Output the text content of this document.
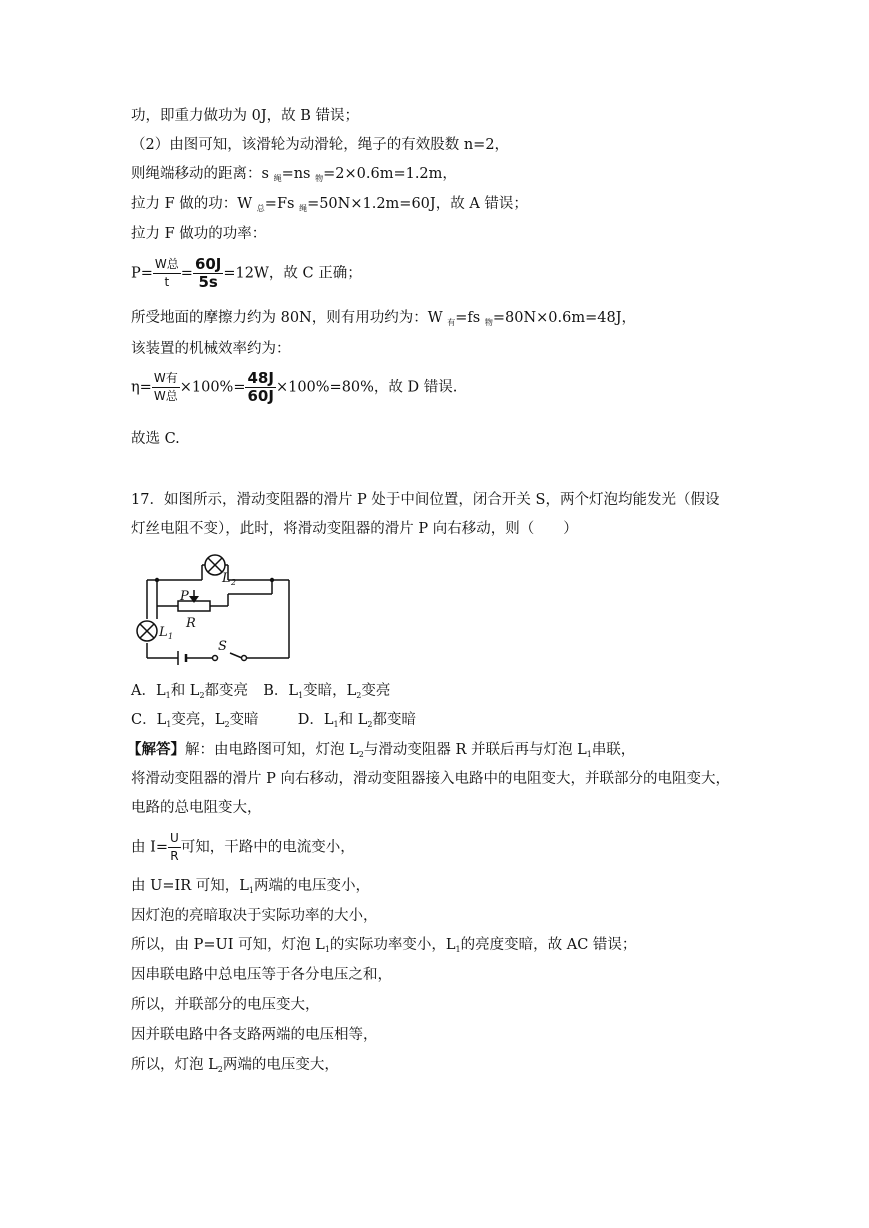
功，即重力做功为 0J，故 B 错误；
（2）由图可知，该滑轮为动滑轮，绳子的有效股数 n=2，
则绳端移动的距离：s $_绳$=ns $_物$=2×0.6m=1.2m，
拉力 F 做的功：W $_总$=Fs $_绳$=50N×1.2m=60J，故 A 错误；
拉力 F 做功的功率：
$P= \frac{\text{W总}}{t} = \frac{60J}{5s} =12W$，故 C 正确；
所受地面的摩擦力约为 80N，则有用功约为：W $_有$=fs $_物$=80N×0.6m=48J，
该装置的机械效率约为：
$\eta= \frac{\text{W有}}{\text{W总}} \times 100\%= \frac{48J}{60J} \times 100\%=80\%$，故 D 错误.
故选 C.
17．如图所示，滑动变阻器的滑片 P 处于中间位置，闭合开关 S，两个灯泡均能发光（假设
灯丝电阻不变），此时，将滑动变阻器的滑片 P 向右移动，则（　　）
L 2
L 1
P
R
S
A．$L_1$和 $L_2$都变亮 B．$L_1$变暗，$L_2$变亮
C．$L_1$变亮，$L_2$变暗	D．$L_1$和 $L_2$都变暗
【解答】解：由电路图可知，灯泡 $L_2$与滑动变阻器 R 并联后再与灯泡 $L_1$串联，
将滑动变阻器的滑片 P 向右移动，滑动变阻器接入电路中的电阻变大，并联部分的电阻变大，
电路的总电阻变大，
由 $I= \frac{U}{R}$ 可知，干路中的电流变小，
由 U=IR 可知，$L_1$两端的电压变小，
因灯泡的亮暗取决于实际功率的大小，
所以，由 P=UI 可知，灯泡 $L_1$的实际功率变小，$L_1$的亮度变暗，故 AC 错误；
因串联电路中总电压等于各分电压之和，
所以，并联部分的电压变大，
因并联电路中各支路两端的电压相等，
所以，灯泡 $L_2$两端的电压变大，
